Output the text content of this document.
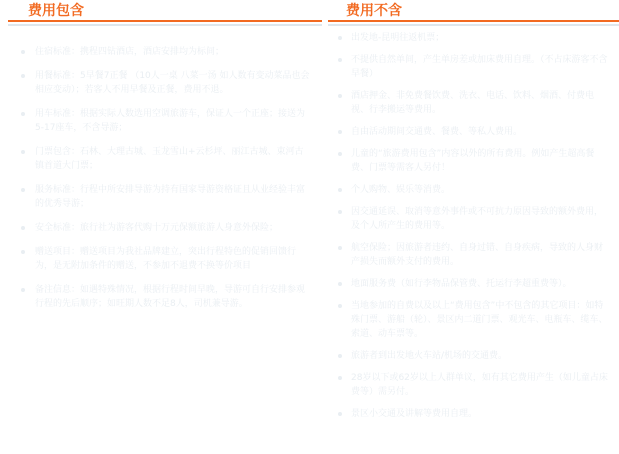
费用包含
住宿标准：携程四钻酒店，酒店安排均为标间；
用餐标准：5早餐7正餐 （10人一桌 八菜一汤 如人数有变动菜品也会相应变动）；若客人不用早餐及正餐，费用不退。
用车标准：根据实际人数选用空调旅游车，保证人一个正座；接送为5-17座车，不含导游；
门票包含：石林、大理古城、玉龙雪山+云杉坪、丽江古城、束河古镇首道大门票；
服务标准：行程中所安排导游为持有国家导游资格证且从业经验丰富的优秀导游；
安全标准：旅行社为游客代购十万元保额旅游人身意外保险；
赠送项目：赠送项目为我社品牌建立，突出行程特色的促销回馈行为，是无附加条件的赠送，不参加不退费不换等价项目
备注信息：如遇特殊情况，根据行程时间早晚，导游可自行安排参观行程的先后顺序；如旺期人数不足8人，司机兼导游。
费用不含
出发地-昆明往返机票；
不提供自然单间，产生单房差或加床费用自理。（不占床游客不含早餐）
酒店押金、非免费餐饮费、洗衣、电话、饮料、烟酒、付费电视、行李搬运等费用。
自由活动期间交通费、餐费、等私人费用。
儿童的“旅游费用包含”内容以外的所有费用。例如产生超高餐费、门票等需客人另付！
个人购物、娱乐等消费。
因交通延误、取消等意外事件或不可抗力原因导致的额外费用，及个人所产生的费用等。
航空保险；因旅游者违约、自身过错、自身疾病，导致的人身财产损失而额外支付的费用。
地面服务费（如行李物品保管费、托运行李超重费等）。
当地参加的自费以及以上“费用包含”中不包含的其它项目：如特殊门票、游船（轮）、景区内二道门票、观光车、电瓶车、缆车、索道、动车票等。
旅游者到出发地火车站/机场的交通费。
28岁以下或62岁以上人群单议，如有其它费用产生（如儿童占床费等）需另付。
景区小交通及讲解等费用自理。
